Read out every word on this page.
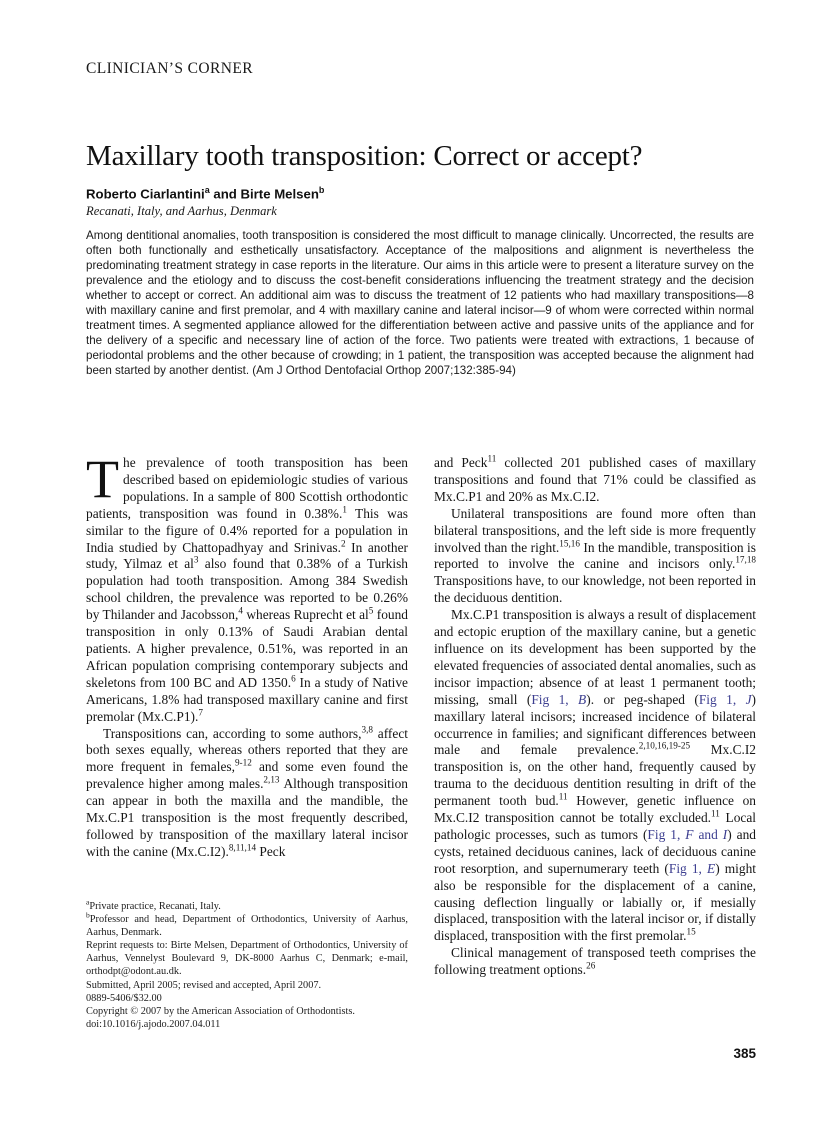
CLINICIAN’S CORNER
Maxillary tooth transposition: Correct or accept?
Roberto Ciarlantini$^a$ and Birte Melsen$^b$
Recanati, Italy, and Aarhus, Denmark
Among dentitional anomalies, tooth transposition is considered the most difficult to manage clinically. Uncorrected, the results are often both functionally and esthetically unsatisfactory. Acceptance of the malpositions and alignment is nevertheless the predominating treatment strategy in case reports in the literature. Our aims in this article were to present a literature survey on the prevalence and the etiology and to discuss the cost-benefit considerations influencing the treatment strategy and the decision whether to accept or correct. An additional aim was to discuss the treatment of 12 patients who had maxillary transpositions—8 with maxillary canine and first premolar, and 4 with maxillary canine and lateral incisor—9 of whom were corrected within normal treatment times. A segmented appliance allowed for the differentiation between active and passive units of the appliance and for the delivery of a specific and necessary line of action of the force. Two patients were treated with extractions, 1 because of periodontal problems and the other because of crowding; in 1 patient, the transposition was accepted because the alignment had been started by another dentist. (Am J Orthod Dentofacial Orthop 2007;132:385-94)

The prevalence of tooth transposition has been described based on epidemiologic studies of various populations. In a sample of 800 Scottish orthodontic patients, transposition was found in 0.38%.$^1$ This was similar to the figure of 0.4% reported for a population in India studied by Chattopadhyay and Srinivas.$^2$ In another study, Yilmaz et $al^3$ also found that 0.38% of a Turkish population had tooth transposition. Among 384 Swedish school children, the prevalence was reported to be 0.26% by Thilander and Jacobsson,$^4$ whereas Ruprecht et $al^5$ found transposition in only 0.13% of Saudi Arabian dental patients. A higher prevalence, 0.51%, was reported in an African population comprising contemporary subjects and skeletons from 100 BC and AD 1350.$^6$ In a study of Native Americans, 1.8% had transposed maxillary canine and first premolar (Mx.C.P1).$^7$

Transpositions can, according to some authors,$^{3,8}$ affect both sexes equally, whereas others reported that they are more frequent in females,$^{9-12}$ and some even found the prevalence higher among males.$^{2,13}$ Although transposition can appear in both the maxilla and the mandible, the Mx.C.P1 transposition is the most frequently described, followed by transposition of the maxillary lateral incisor with the canine (Mx.C.I2).$^{8,11,14}$ Peck

and Peck$^{11}$ collected 201 published cases of maxillary transpositions and found that 71% could be classified as Mx.C.P1 and 20% as Mx.C.I2.

Unilateral transpositions are found more often than bilateral transpositions, and the left side is more frequently involved than the right.$^{15,16}$ In the mandible, transposition is reported to involve the canine and incisors only.$^{17,18}$ Transpositions have, to our knowledge, not been reported in the deciduous dentition.

Mx.C.P1 transposition is always a result of displacement and ectopic eruption of the maxillary canine, but a genetic influence on its development has been supported by the elevated frequencies of associated dental anomalies, such as incisor impaction; absence of at least 1 permanent tooth; missing, small (Fig 1, B). or peg-shaped (Fig 1, J) maxillary lateral incisors; increased incidence of bilateral occurrence in families; and significant differences between male and female prevalence.$^{2,10,16,19-25}$ Mx.C.I2 transposition is, on the other hand, frequently caused by trauma to the deciduous dentition resulting in drift of the permanent tooth bud.$^{11}$ However, genetic influence on Mx.C.I2 transposition cannot be totally excluded.$^{11}$ Local pathologic processes, such as tumors (Fig 1, F and I) and cysts, retained deciduous canines, lack of deciduous canine root resorption, and supernumerary teeth (Fig 1, E) might also be responsible for the displacement of a canine, causing deflection lingually or labially or, if mesially displaced, transposition with the lateral incisor or, if distally displaced, transposition with the first premolar.$^{15}$

Clinical management of transposed teeth comprises the following treatment options.$^{26}$

$^a$Private practice, Recanati, Italy.
$^b$Professor and head, Department of Orthodontics, University of Aarhus, Aarhus, Denmark.
Reprint requests to: Birte Melsen, Department of Orthodontics, University of Aarhus, Vennelyst Boulevard 9, DK-8000 Aarhus C, Denmark; e-mail, orthodpt@odont.au.dk.
Submitted, April 2005; revised and accepted, April 2007.
0889-5406/$32.00
Copyright © 2007 by the American Association of Orthodontists.
doi:10.1016/j.ajodo.2007.04.011
385
